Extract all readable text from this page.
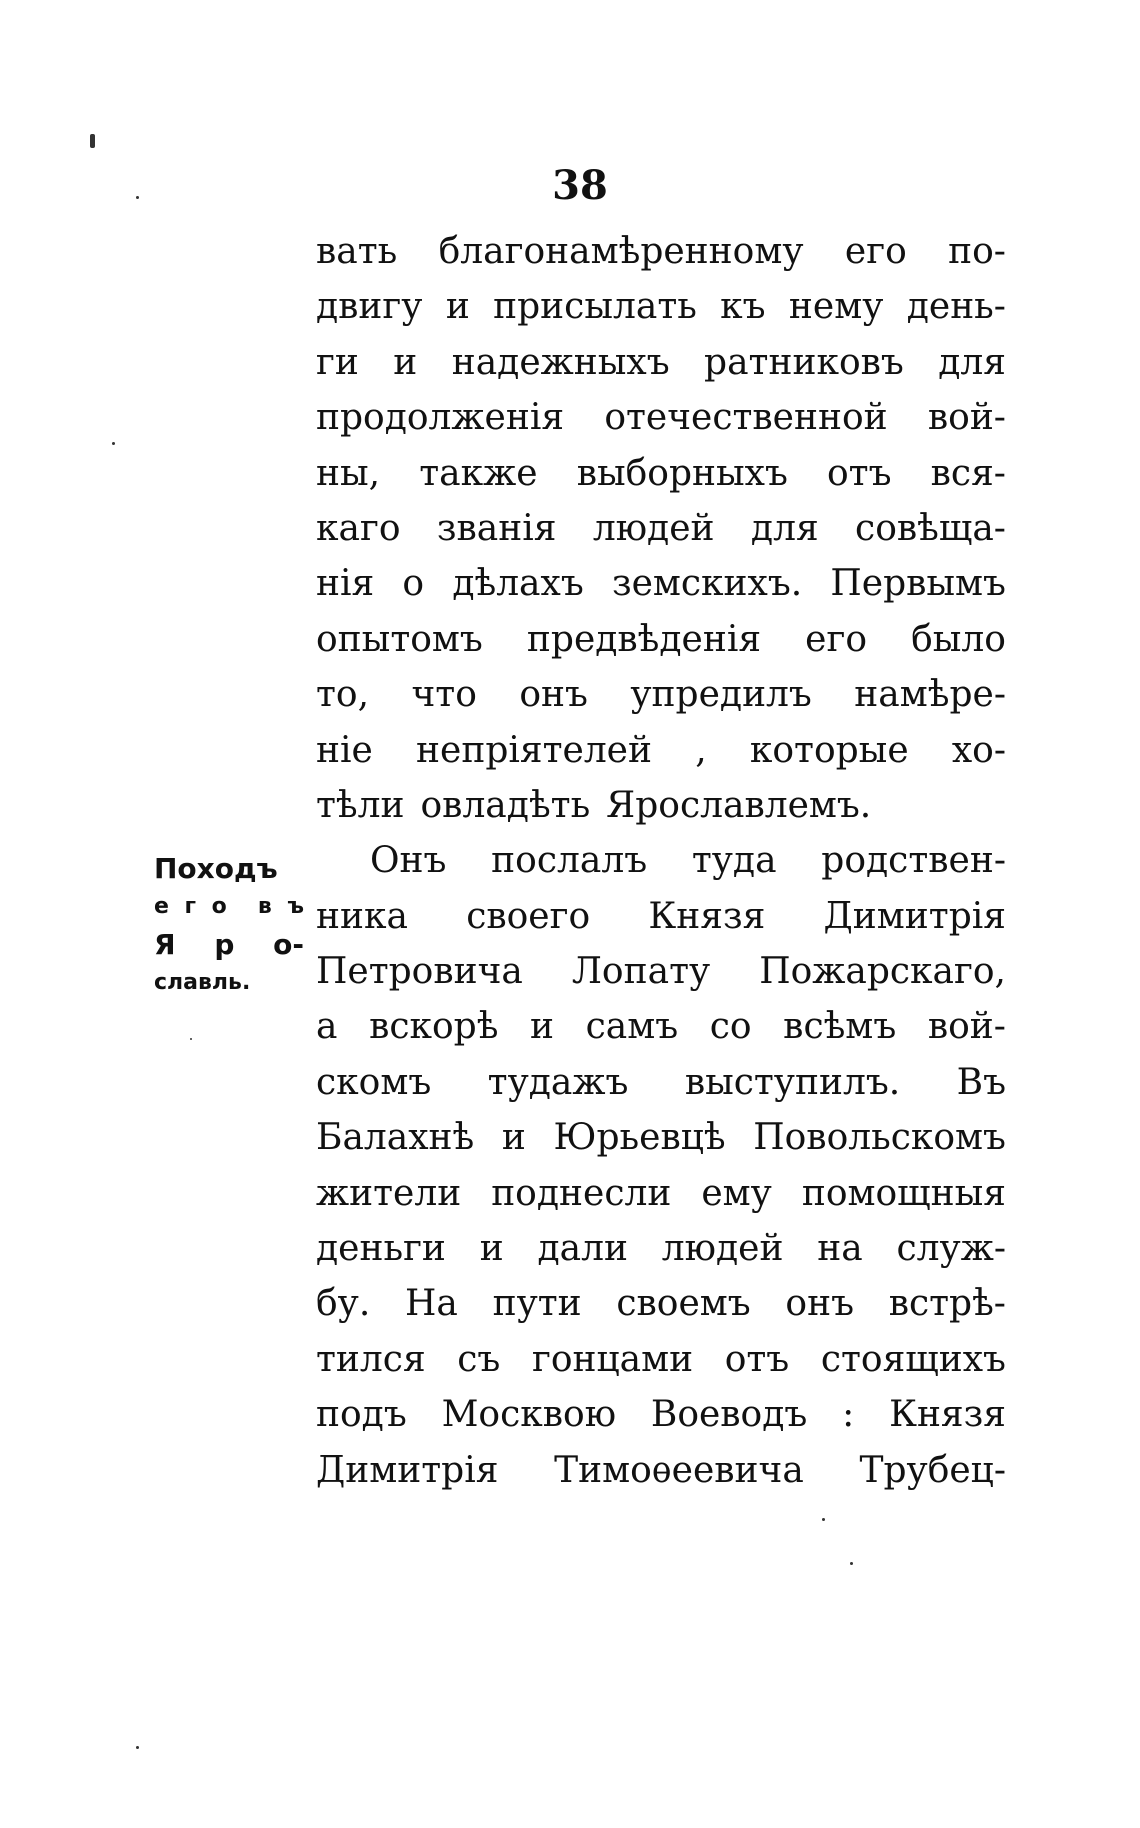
38
вать благонамѣренному его по-
двигу и присылать къ нему день-
ги и надежныхъ ратниковъ для
продолженія отечественной вой-
ны, также выборныхъ отъ вся-
каго званія людей для совѣща-
нія о дѣлахъ земскихъ. Первымъ
опытомъ предвѣденія его было
то, что онъ упредилъ намѣре-
ніе непріятелей , которые хо-
тѣли овладѣть Ярославлемъ.
Онъ послалъ туда родствен-
ника своего Князя Димитрія
Петровича Лопату Пожарскаго,
а вскорѣ и самъ со всѣмъ вой-
скомъ тудажъ выступилъ. Въ
Балахнѣ и Юрьевцѣ Повольскомъ
жители поднесли ему помощныя
деньги и дали людей на служ-
бу. На пути своемъ онъ встрѣ-
тился съ гонцами отъ стоящихъ
подъ Москвою Воеводъ : Князя
Димитрія Тимоѳеевича Трубец-
Походъ
е г о в ъ
Я р о-
славль.
